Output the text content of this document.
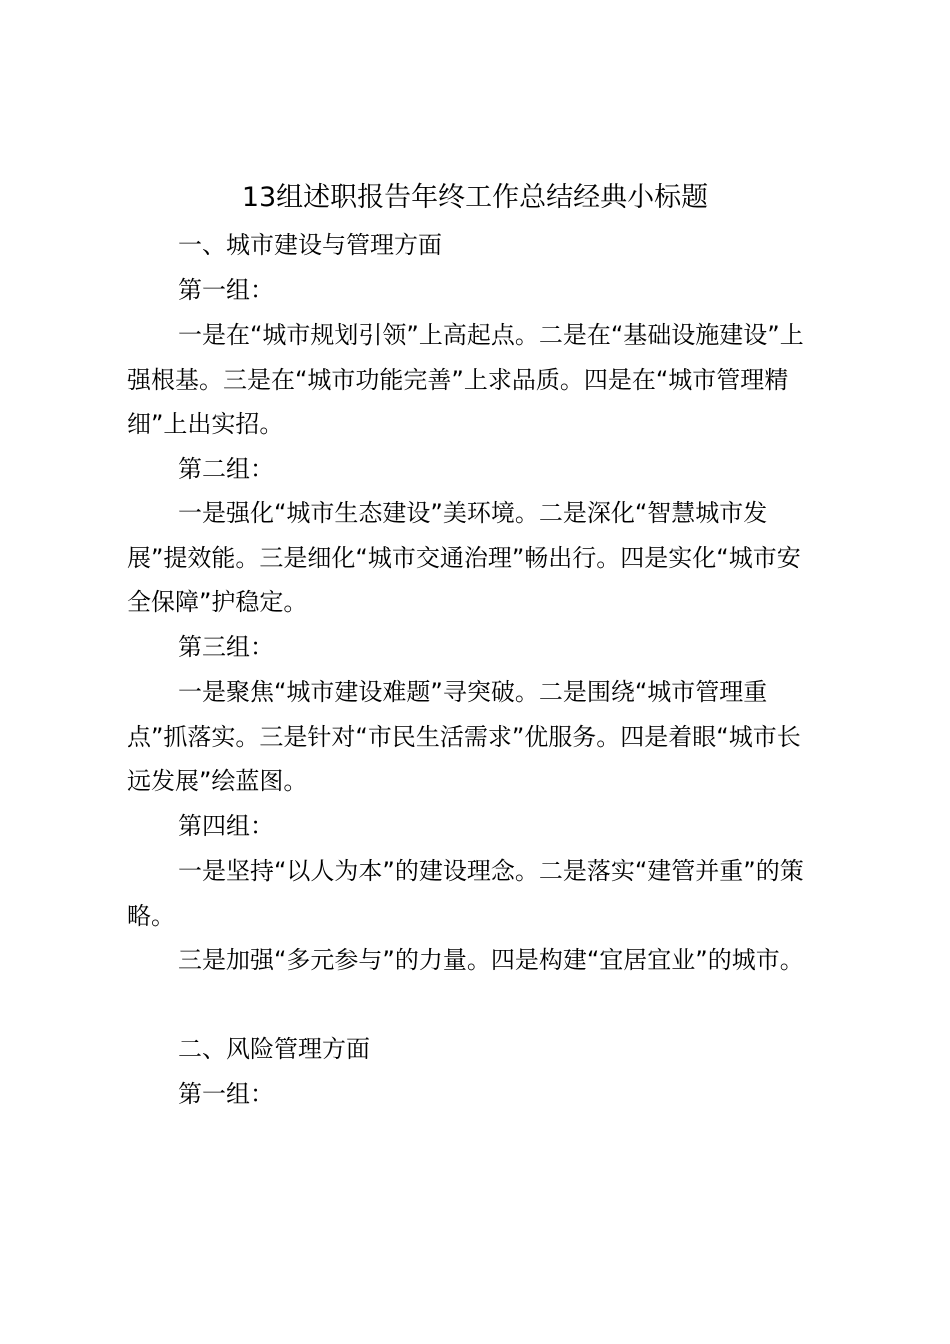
13组述职报告年终工作总结经典小标题

一、城市建设与管理方面

第一组：

一是在“城市规划引领”上高起点。二是在“基础设施建设”上强根基。三是在“城市功能完善”上求品质。四是在“城市管理精细”上出实招。

第二组：

一是强化“城市生态建设”美环境。二是深化“智慧城市发展”提效能。三是细化“城市交通治理”畅出行。四是实化“城市安全保障”护稳定。

第三组：

一是聚焦“城市建设难题”寻突破。二是围绕“城市管理重点”抓落实。三是针对“市民生活需求”优服务。四是着眼“城市长远发展”绘蓝图。

第四组：

一是坚持“以人为本”的建设理念。二是落实“建管并重”的策略。

三是加强“多元参与”的力量。四是构建“宜居宜业”的城市。

二、风险管理方面

第一组：
